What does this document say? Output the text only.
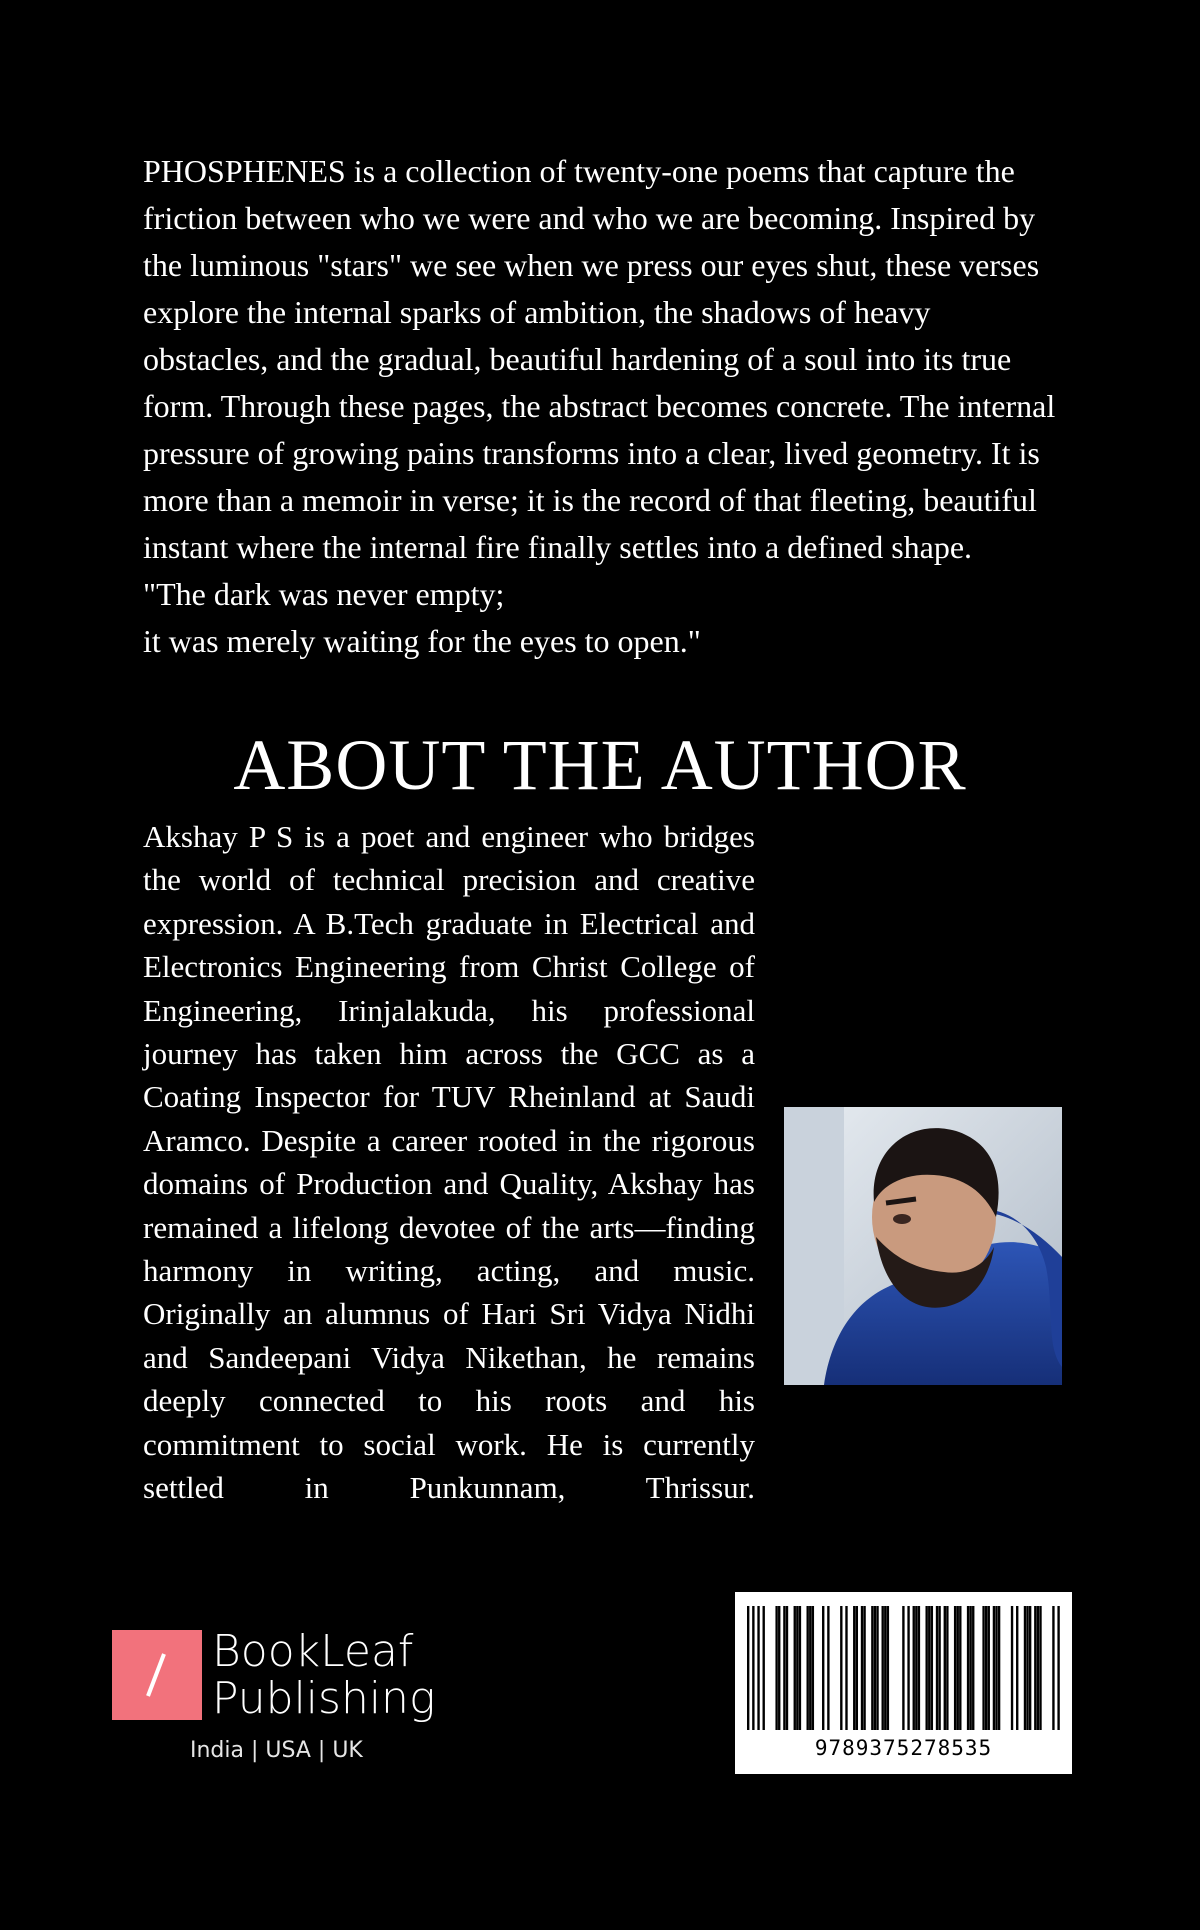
PHOSPHENES is a collection of twenty-one poems that capture the friction between who we were and who we are becoming. Inspired by the luminous "stars" we see when we press our eyes shut, these verses explore the internal sparks of ambition, the shadows of heavy obstacles, and the gradual, beautiful hardening of a soul into its true form. Through these pages, the abstract becomes concrete. The internal pressure of growing pains transforms into a clear, lived geometry. It is more than a memoir in verse; it is the record of that fleeting, beautiful instant where the internal fire finally settles into a defined shape.

"The dark was never empty;

it was merely waiting for the eyes to open."

ABOUT THE AUTHOR

Akshay P S is a poet and engineer who bridges the world of technical precision and creative expression. A B.Tech graduate in Electrical and Electronics Engineering from Christ College of Engineering, Irinjalakuda, his professional journey has taken him across the GCC as a Coating Inspector for TUV Rheinland at Saudi Aramco. Despite a career rooted in the rigorous domains of Production and Quality, Akshay has remained a lifelong devotee of the arts—finding harmony in writing, acting, and music. Originally an alumnus of Hari Sri Vidya Nidhi and Sandeepani Vidya Nikethan, he remains deeply connected to his roots and his commitment to social work. He is currently settled in Punkunnam, Thrissur.

BookLeaf
Publishing
India | USA | UK	9789375278535
